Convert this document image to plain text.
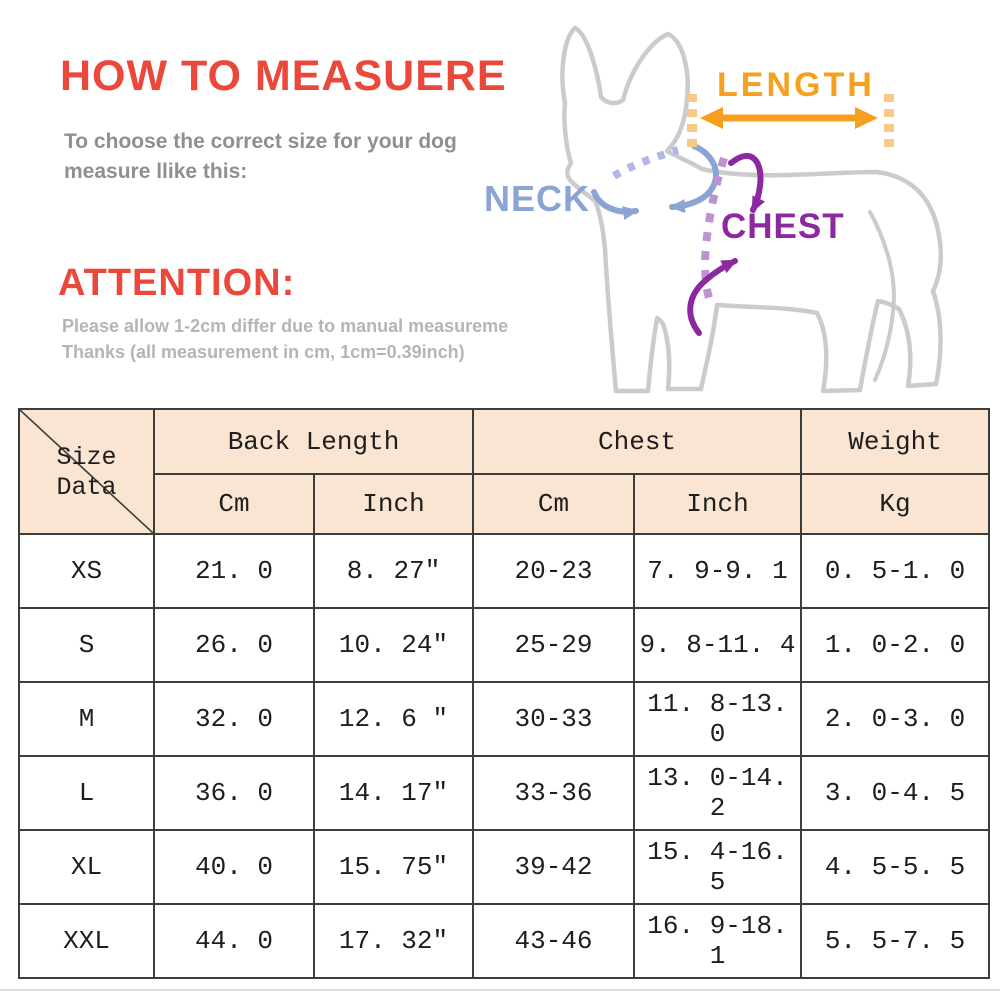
HOW TO MEASUERE
To choose the correct size for your dog measure llike this:
ATTENTION:
Please allow 1-2cm differ due to manual measureme
Thanks (all measurement in cm, 1cm=0.39inch)
NECK
CHEST
LENGTH
Size Data	Back Length		Chest		Weight
	Cm	Inch	Cm	Inch	Kg
XS	21. 0	8. 27″	20-23	7. 9-9. 1	0. 5-1. 0
S	26. 0	10. 24″	25-29	9. 8-11. 4	1. 0-2. 0
M	32. 0	12. 6 ″	30-33	11. 8-13. 0	2. 0-3. 0
L	36. 0	14. 17″	33-36	13. 0-14. 2	3. 0-4. 5
XL	40. 0	15. 75″	39-42	15. 4-16. 5	4. 5-5. 5
XXL	44. 0	17. 32″	43-46	16. 9-18. 1	5. 5-7. 5
